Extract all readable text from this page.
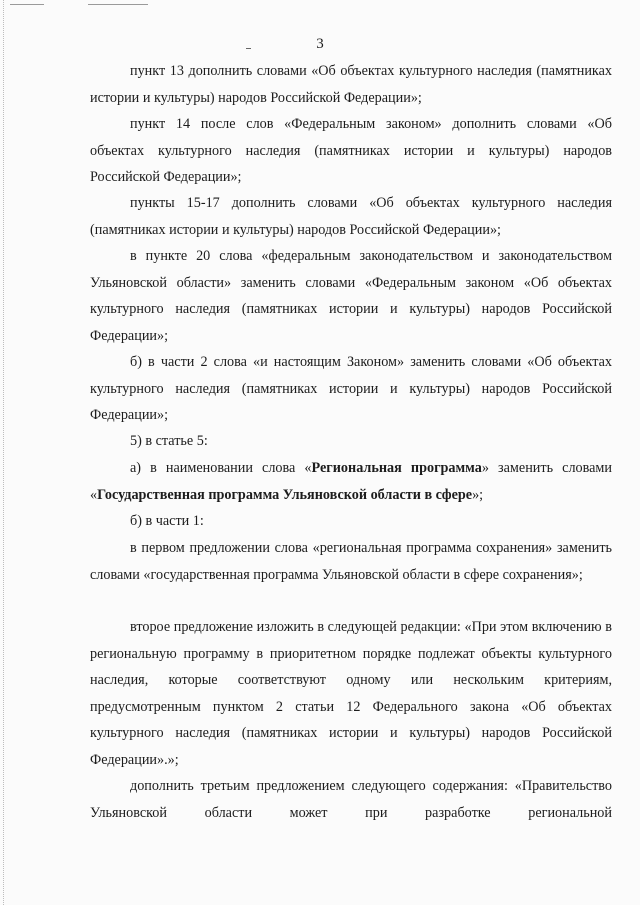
3

пункт 13 дополнить словами «Об объектах культурного наследия (памятниках истории и культуры) народов Российской Федерации»;

пункт 14 после слов «Федеральным законом» дополнить словами «Об объектах культурного наследия (памятниках истории и культуры) народов Российской Федерации»;

пункты 15-17 дополнить словами «Об объектах культурного наследия (памятниках истории и культуры) народов Российской Федерации»;

в пункте 20 слова «федеральным законодательством и законодательством Ульяновской области» заменить словами «Федеральным законом «Об объектах культурного наследия (памятниках истории и культуры) народов Российской Федерации»;

б) в части 2 слова «и настоящим Законом» заменить словами «Об объектах культурного наследия (памятниках истории и культуры) народов Российской Федерации»;

5) в статье 5:

а) в наименовании слова «Региональная программа» заменить словами «Государственная программа Ульяновской области в сфере»;

б) в части 1:

в первом предложении слова «региональная программа сохранения» заменить словами «государственная программа Ульяновской области в сфере сохранения»;

второе предложение изложить в следующей редакции: «При этом включению в региональную программу в приоритетном порядке подлежат объекты культурного наследия, которые соответствуют одному или нескольким критериям, предусмотренным пунктом 2 статьи 12 Федерального закона «Об объектах культурного наследия (памятниках истории и культуры) народов Российской Федерации».»;

дополнить третьим предложением следующего содержания: «Правительство Ульяновской области может при разработке региональной
